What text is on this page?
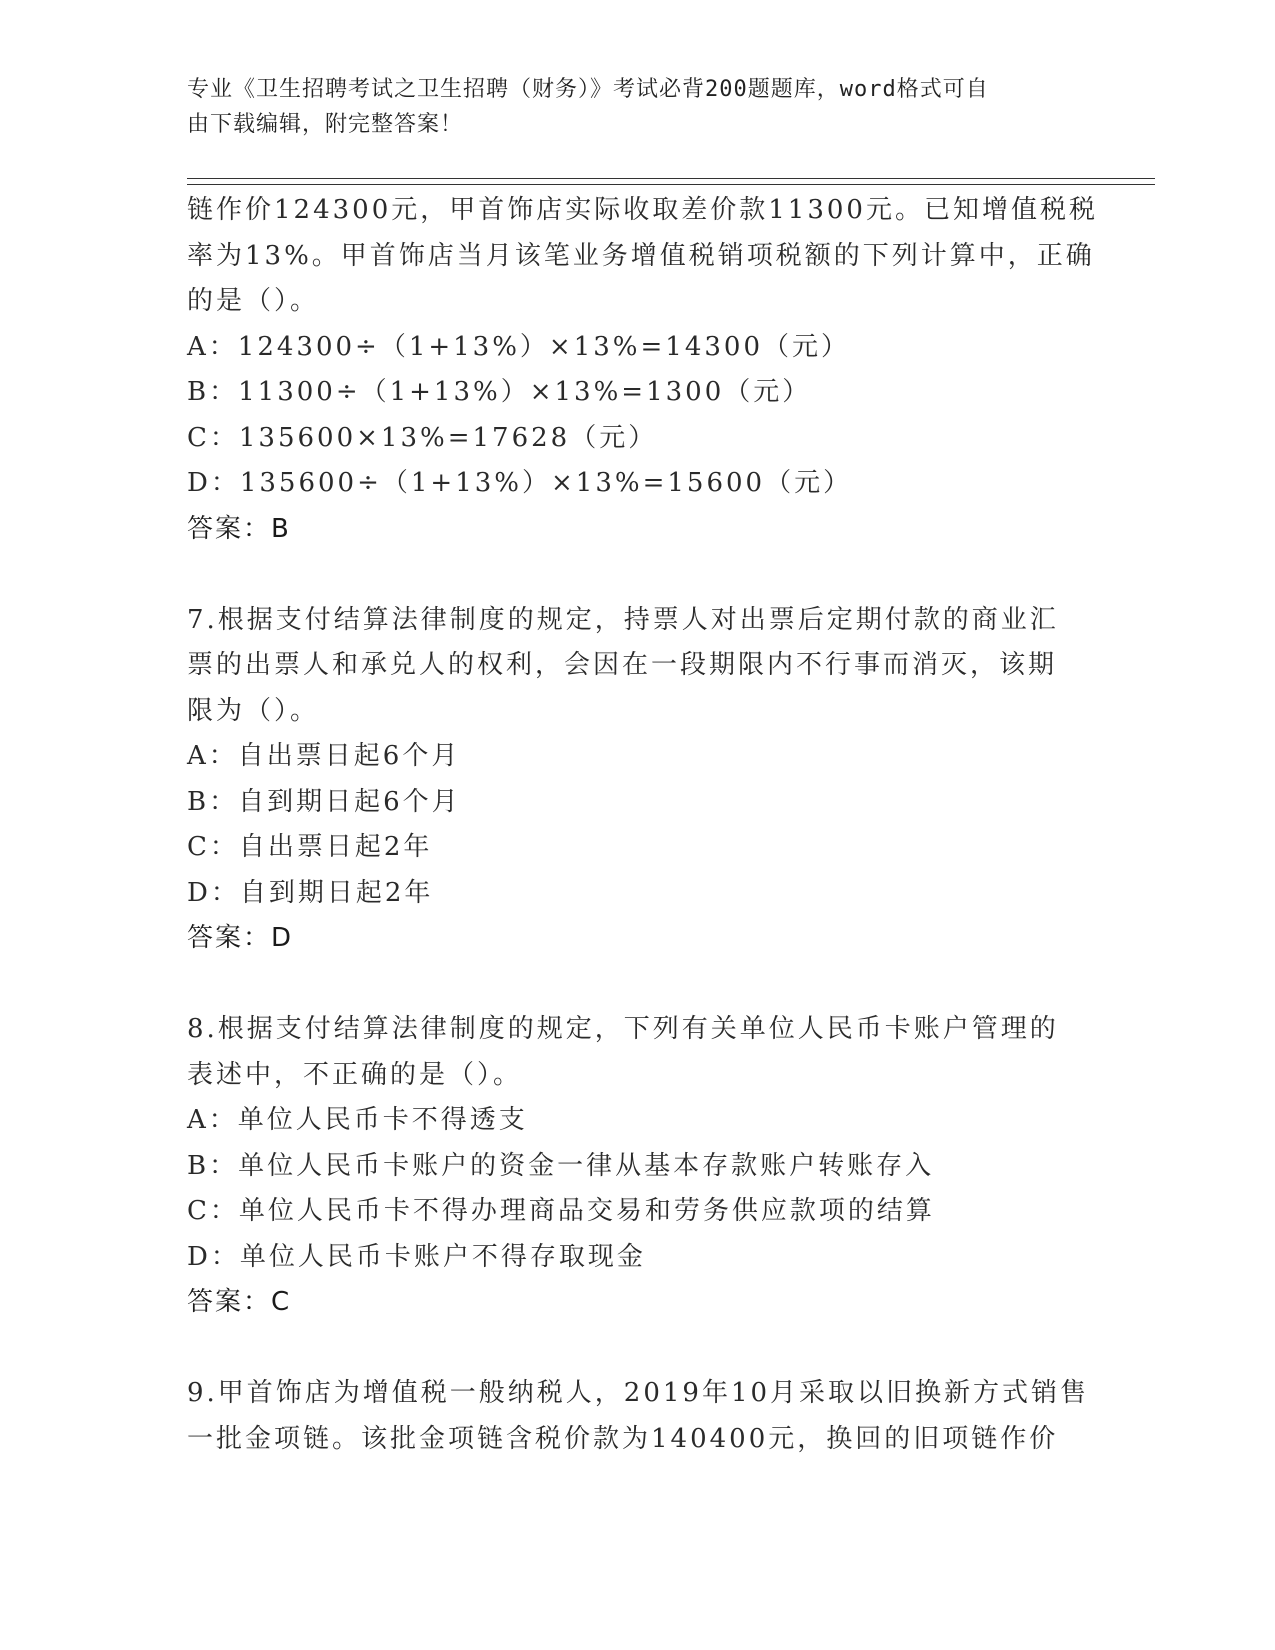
专业《卫生招聘考试之卫生招聘（财务）》考试必背200题题库，word格式可自
由下载编辑，附完整答案！
链作价124300元，甲首饰店实际收取差价款11300元。已知增值税税
率为13%。甲首饰店当月该笔业务增值税销项税额的下列计算中，正确
的是（）。
A：124300÷（1+13%）×13%=14300（元）
B：11300÷（1+13%）×13%=1300（元）
C：135600×13%=17628（元）
D：135600÷（1+13%）×13%=15600（元）
答案：B
7.根据支付结算法律制度的规定，持票人对出票后定期付款的商业汇
票的出票人和承兑人的权利，会因在一段期限内不行事而消灭，该期
限为（）。
A：自出票日起6个月
B：自到期日起6个月
C：自出票日起2年
D：自到期日起2年
答案：D
8.根据支付结算法律制度的规定，下列有关单位人民币卡账户管理的
表述中，不正确的是（）。
A：单位人民币卡不得透支
B：单位人民币卡账户的资金一律从基本存款账户转账存入
C：单位人民币卡不得办理商品交易和劳务供应款项的结算
D：单位人民币卡账户不得存取现金
答案：C
9.甲首饰店为增值税一般纳税人，2019年10月采取以旧换新方式销售
一批金项链。该批金项链含税价款为140400元，换回的旧项链作价
